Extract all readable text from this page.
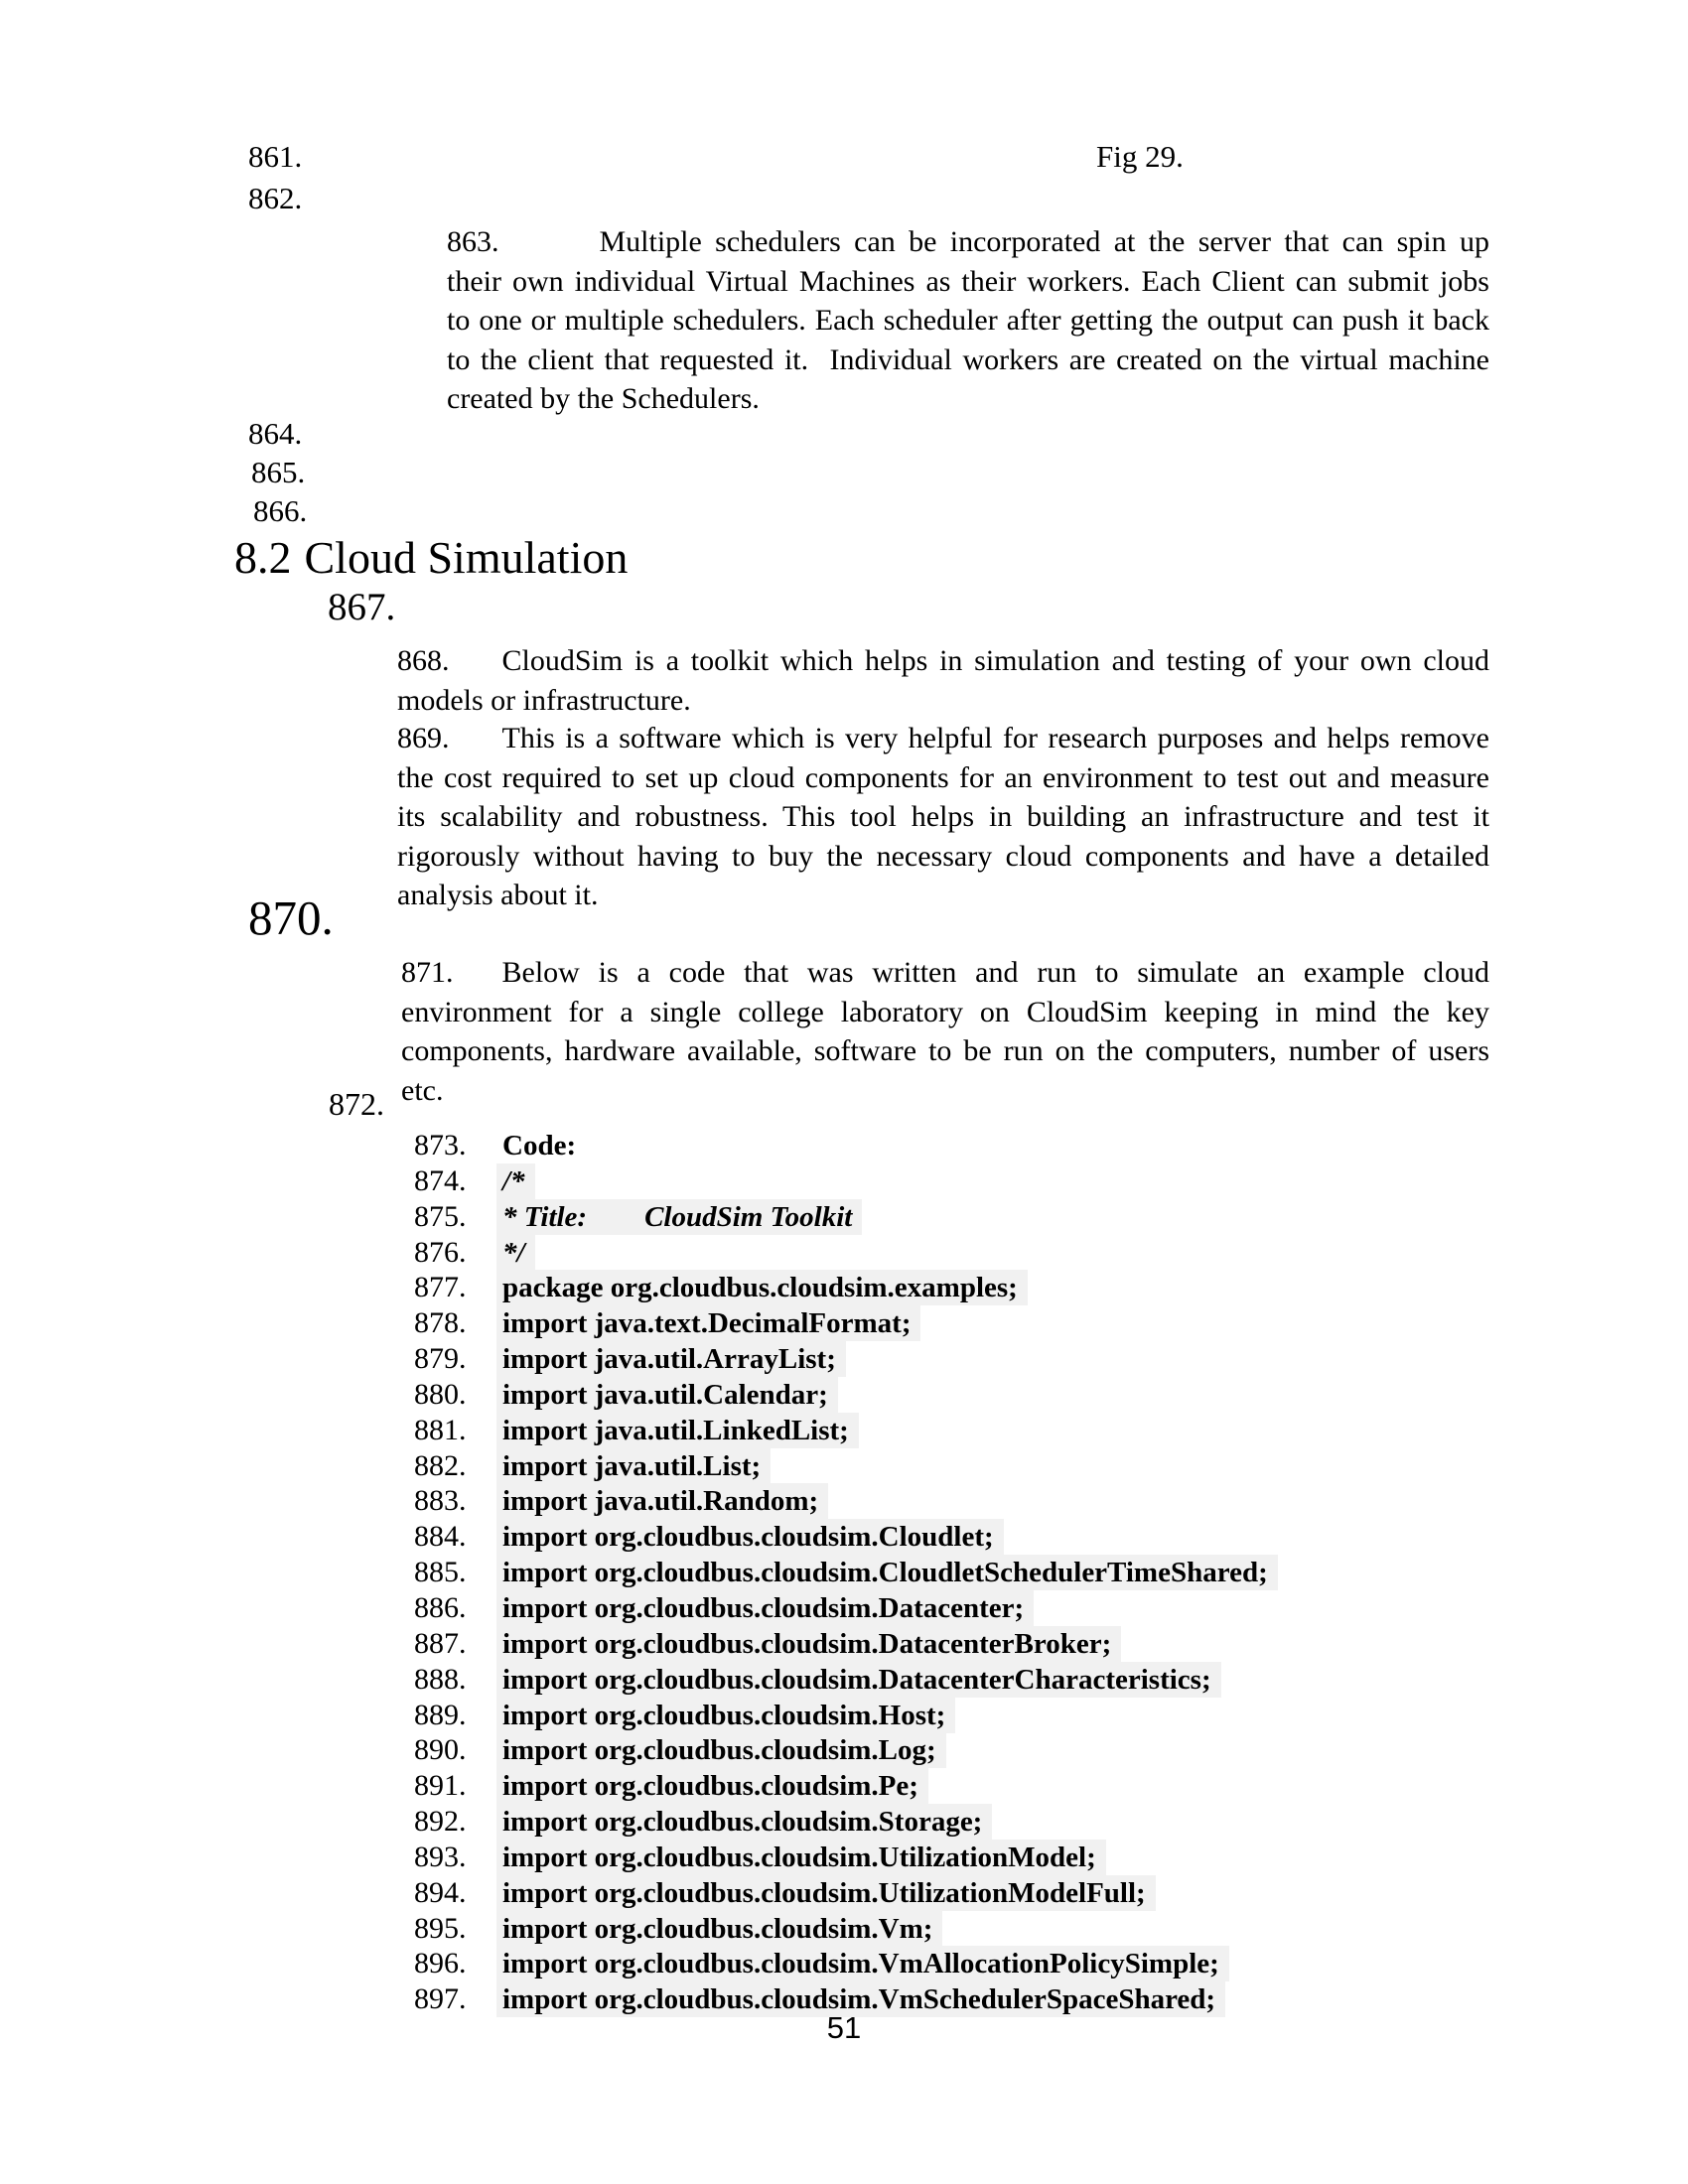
861.	Fig 29.
862.
863.	Multiple schedulers can be incorporated at the server that can spin up
their own individual Virtual Machines as their workers. Each Client can submit jobs
to one or multiple schedulers. Each scheduler after getting the output can push it back
to the client that requested it.  Individual workers are created on the virtual machine
created by the Schedulers.
864.
865.
866.
8.2 Cloud Simulation
867.
868. CloudSim is a toolkit which helps in simulation and testing of your own cloud
models or infrastructure.
869. This is a software which is very helpful for research purposes and helps remove
the cost required to set up cloud components for an environment to test out and measure
its scalability and robustness. This tool helps in building an infrastructure and test it
rigorously without having to buy the necessary cloud components and have a detailed
analysis about it.
870.
871. Below is a code that was written and run to simulate an example cloud
environment for a single college laboratory on CloudSim keeping in mind the key
components, hardware available, software to be run on the computers, number of users
etc.
872.
873. Code:
874. /*
875. * Title:        CloudSim Toolkit
876. */
877. package org.cloudbus.cloudsim.examples;
878. import java.text.DecimalFormat;
879. import java.util.ArrayList;
880. import java.util.Calendar;
881. import java.util.LinkedList;
882. import java.util.List;
883. import java.util.Random;
884. import org.cloudbus.cloudsim.Cloudlet;
885. import org.cloudbus.cloudsim.CloudletSchedulerTimeShared;
886. import org.cloudbus.cloudsim.Datacenter;
887. import org.cloudbus.cloudsim.DatacenterBroker;
888. import org.cloudbus.cloudsim.DatacenterCharacteristics;
889. import org.cloudbus.cloudsim.Host;
890. import org.cloudbus.cloudsim.Log;
891. import org.cloudbus.cloudsim.Pe;
892. import org.cloudbus.cloudsim.Storage;
893. import org.cloudbus.cloudsim.UtilizationModel;
894. import org.cloudbus.cloudsim.UtilizationModelFull;
895. import org.cloudbus.cloudsim.Vm;
896. import org.cloudbus.cloudsim.VmAllocationPolicySimple;
897. import org.cloudbus.cloudsim.VmSchedulerSpaceShared;
51
